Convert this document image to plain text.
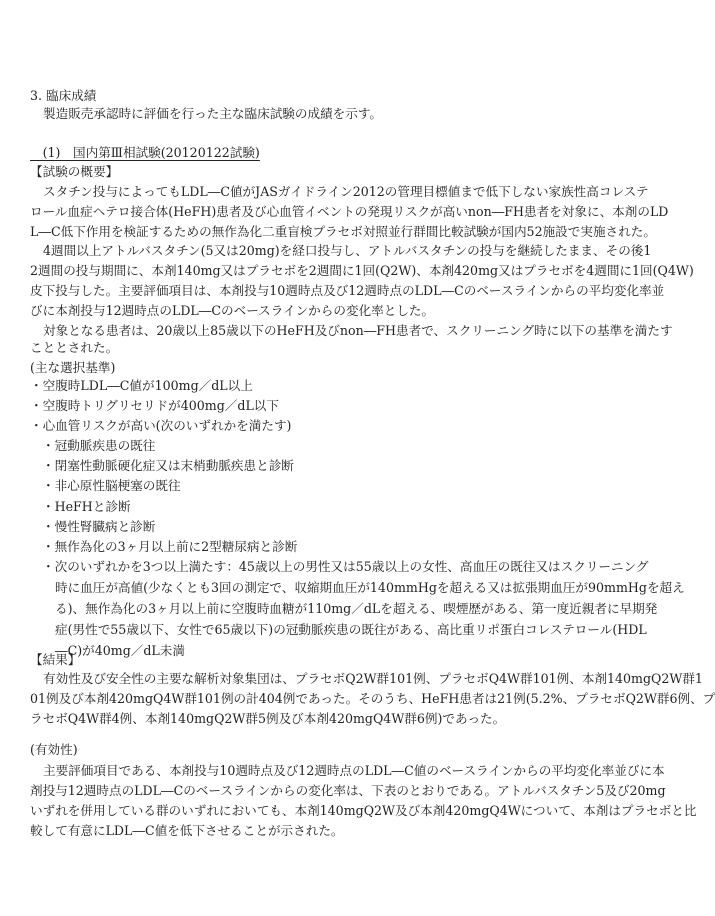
3. 臨床成績
製造販売承認時に評価を行った主な臨床試験の成績を示す。
　(1)　国内第Ⅲ相試験(20120122試験)
【試験の概要】
スタチン投与によってもLDL―C値がJASガイドライン2012の管理目標値まで低下しない家族性高コレステ
ロール血症ヘテロ接合体(HeFH)患者及び心血管イベントの発現リスクが高いnon―FH患者を対象に、本剤のLD
L―C低下作用を検証するための無作為化二重盲検プラセボ対照並行群間比較試験が国内52施設で実施された。
4週間以上アトルバスタチン(5又は20mg)を経口投与し、アトルバスタチンの投与を継続したまま、その後1
2週間の投与期間に、本剤140mg又はプラセボを2週間に1回(Q2W)、本剤420mg又はプラセボを4週間に1回(Q4W)
皮下投与した。主要評価項目は、本剤投与10週時点及び12週時点のLDL―Cのベースラインからの平均変化率並
びに本剤投与12週時点のLDL―Cのベースラインからの変化率とした。
対象となる患者は、20歳以上85歳以下のHeFH及びnon―FH患者で、スクリーニング時に以下の基準を満たす
こととされた。
(主な選択基準)
・空腹時LDL―C値が100mg／dL以上
・空腹時トリグリセリドが400mg／dL以下
・心血管リスクが高い(次のいずれかを満たす)
・冠動脈疾患の既往
・閉塞性動脈硬化症又は末梢動脈疾患と診断
・非心原性脳梗塞の既往
・HeFHと診断
・慢性腎臓病と診断
・無作為化の3ヶ月以上前に2型糖尿病と診断
・次のいずれかを3つ以上満たす：45歳以上の男性又は55歳以上の女性、高血圧の既往又はスクリーニング
時に血圧が高値(少なくとも3回の測定で、収縮期血圧が140mmHgを超える又は拡張期血圧が90mmHgを超え
る)、無作為化の3ヶ月以上前に空腹時血糖が110mg／dLを超える、喫煙歴がある、第一度近親者に早期発
症(男性で55歳以下、女性で65歳以下)の冠動脈疾患の既往がある、高比重リポ蛋白コレステロール(HDL
―C)が40mg／dL未満
【結果】
有効性及び安全性の主要な解析対象集団は、プラセボQ2W群101例、プラセボQ4W群101例、本剤140mgQ2W群1
01例及び本剤420mgQ4W群101例の計404例であった。そのうち、HeFH患者は21例(5.2%、プラセボQ2W群6例、プ
ラセボQ4W群4例、本剤140mgQ2W群5例及び本剤420mgQ4W群6例)であった。
(有効性)
主要評価項目である、本剤投与10週時点及び12週時点のLDL―C値のベースラインからの平均変化率並びに本
剤投与12週時点のLDL―Cのベースラインからの変化率は、下表のとおりである。アトルバスタチン5及び20mg
いずれを併用している群のいずれにおいても、本剤140mgQ2W及び本剤420mgQ4Wについて、本剤はプラセボと比
較して有意にLDL―C値を低下させることが示された。
